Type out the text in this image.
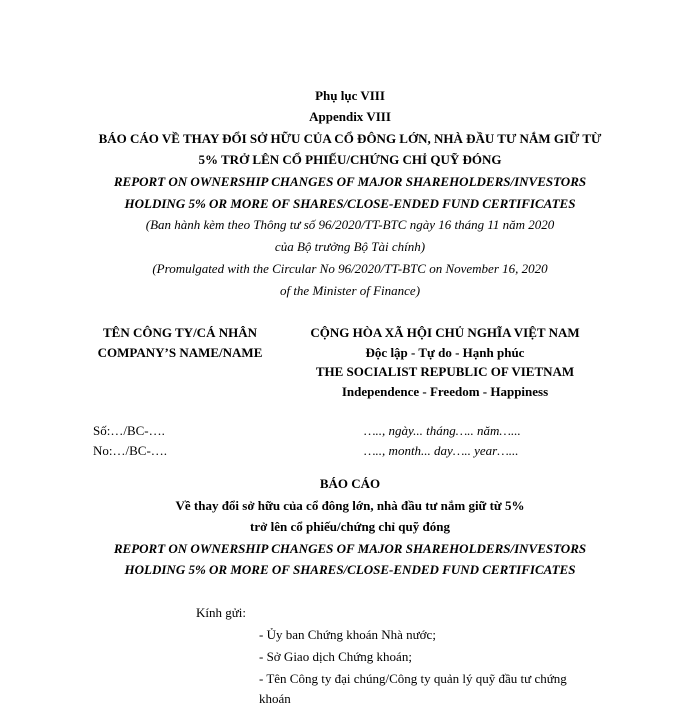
Phụ lục VIII
Appendix VIII
BÁO CÁO VỀ THAY ĐỔI SỞ HỮU CỦA CỔ ĐÔNG LỚN, NHÀ ĐẦU TƯ NẮM GIỮ TỪ
5% TRỞ LÊN CỔ PHIẾU/CHỨNG CHỈ QUỸ ĐÓNG
REPORT ON OWNERSHIP CHANGES OF MAJOR SHAREHOLDERS/INVESTORS
HOLDING 5% OR MORE OF SHARES/CLOSE-ENDED FUND CERTIFICATES
(Ban hành kèm theo Thông tư số 96/2020/TT-BTC ngày 16 tháng 11 năm 2020
của Bộ trưởng Bộ Tài chính)
(Promulgated with the Circular No 96/2020/TT-BTC on November 16, 2020
of the Minister of Finance)
TÊN CÔNG TY/CÁ NHÂN
COMPANY’S NAME/NAME
CỘNG HÒA XÃ HỘI CHỦ NGHĨA VIỆT NAM
Độc lập - Tự do - Hạnh phúc
THE SOCIALIST REPUBLIC OF VIETNAM
Independence - Freedom - Happiness
Số:…/BC-….
No:…/BC-….
….., ngày... tháng….. năm…...
….., month... day….. year…...
BÁO CÁO
Về thay đổi sở hữu của cổ đông lớn, nhà đầu tư nắm giữ từ 5%
trở lên cổ phiếu/chứng chỉ quỹ đóng
REPORT ON OWNERSHIP CHANGES OF MAJOR SHAREHOLDERS/INVESTORS
HOLDING 5% OR MORE OF SHARES/CLOSE-ENDED FUND CERTIFICATES
Kính gửi:
- Ủy ban Chứng khoán Nhà nước;
- Sở Giao dịch Chứng khoán;
- Tên Công ty đại chúng/Công ty quản lý quỹ đầu tư chứng
khoán
